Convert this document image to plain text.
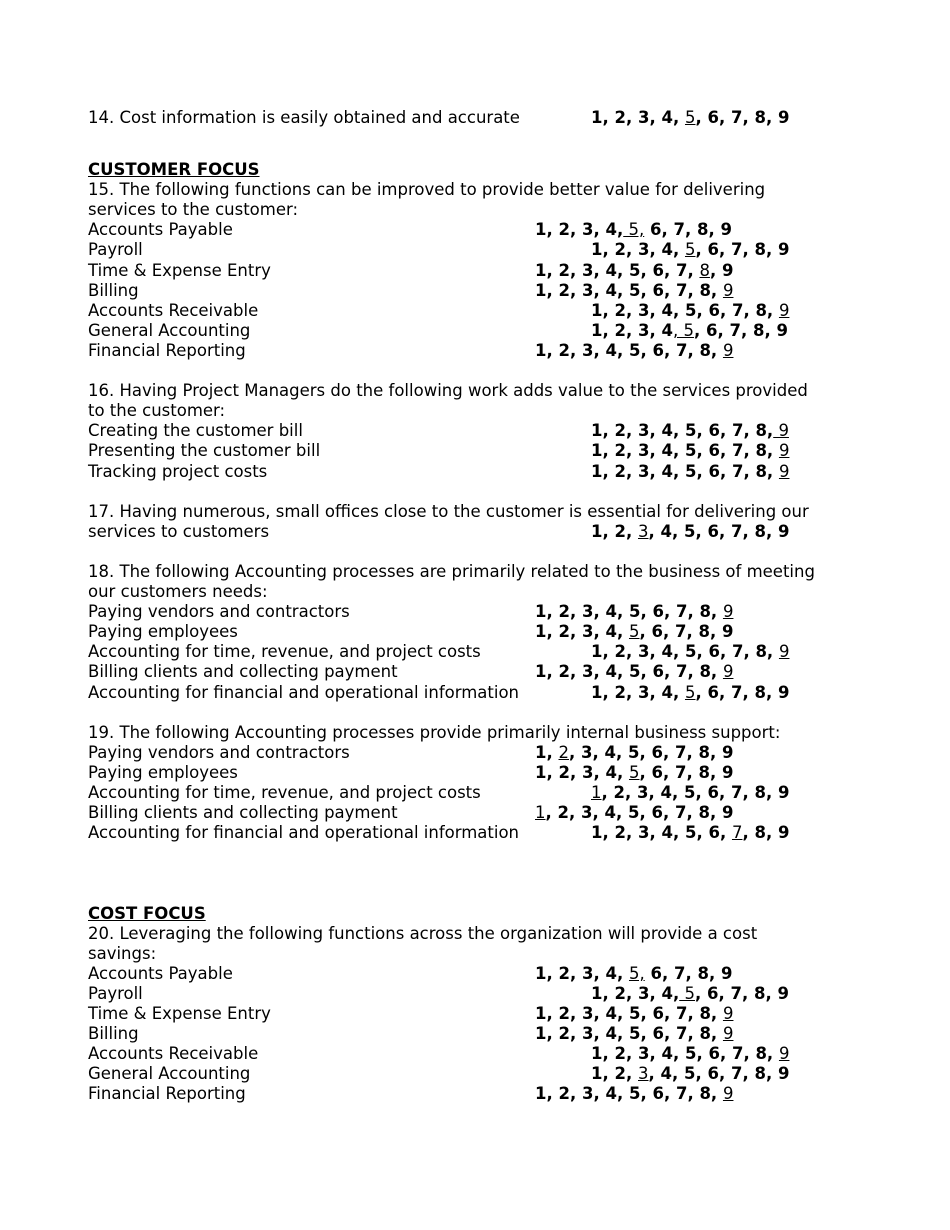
14. Cost information is easily obtained and accurate	1, 2, 3, 4, 5, 6, 7, 8, 9
CUSTOMER FOCUS
15. The following functions can be improved to provide better value for delivering
services to the customer:
Accounts Payable	1, 2, 3, 4, 5, 6, 7, 8, 9
Payroll	1, 2, 3, 4, 5, 6, 7, 8, 9
Time & Expense Entry	1, 2, 3, 4, 5, 6, 7, 8, 9
Billing	1, 2, 3, 4, 5, 6, 7, 8, 9
Accounts Receivable	1, 2, 3, 4, 5, 6, 7, 8, 9
General Accounting	1, 2, 3, 4, 5, 6, 7, 8, 9
Financial Reporting	1, 2, 3, 4, 5, 6, 7, 8, 9
16. Having Project Managers do the following work adds value to the services provided
to the customer:
Creating the customer bill	1, 2, 3, 4, 5, 6, 7, 8, 9
Presenting the customer bill	1, 2, 3, 4, 5, 6, 7, 8, 9
Tracking project costs	1, 2, 3, 4, 5, 6, 7, 8, 9
17. Having numerous, small offices close to the customer is essential for delivering our
services to customers	1, 2, 3, 4, 5, 6, 7, 8, 9
18. The following Accounting processes are primarily related to the business of meeting
our customers needs:
Paying vendors and contractors	1, 2, 3, 4, 5, 6, 7, 8, 9
Paying employees	1, 2, 3, 4, 5, 6, 7, 8, 9
Accounting for time, revenue, and project costs	1, 2, 3, 4, 5, 6, 7, 8, 9
Billing clients and collecting payment	1, 2, 3, 4, 5, 6, 7, 8, 9
Accounting for financial and operational information	1, 2, 3, 4, 5, 6, 7, 8, 9
19. The following Accounting processes provide primarily internal business support:
Paying vendors and contractors	1, 2, 3, 4, 5, 6, 7, 8, 9
Paying employees	1, 2, 3, 4, 5, 6, 7, 8, 9
Accounting for time, revenue, and project costs	1, 2, 3, 4, 5, 6, 7, 8, 9
Billing clients and collecting payment	1, 2, 3, 4, 5, 6, 7, 8, 9
Accounting for financial and operational information	1, 2, 3, 4, 5, 6, 7, 8, 9
COST FOCUS
20. Leveraging the following functions across the organization will provide a cost
savings:
Accounts Payable	1, 2, 3, 4, 5, 6, 7, 8, 9
Payroll	1, 2, 3, 4, 5, 6, 7, 8, 9
Time & Expense Entry	1, 2, 3, 4, 5, 6, 7, 8, 9
Billing	1, 2, 3, 4, 5, 6, 7, 8, 9
Accounts Receivable	1, 2, 3, 4, 5, 6, 7, 8, 9
General Accounting	1, 2, 3, 4, 5, 6, 7, 8, 9
Financial Reporting	1, 2, 3, 4, 5, 6, 7, 8, 9
